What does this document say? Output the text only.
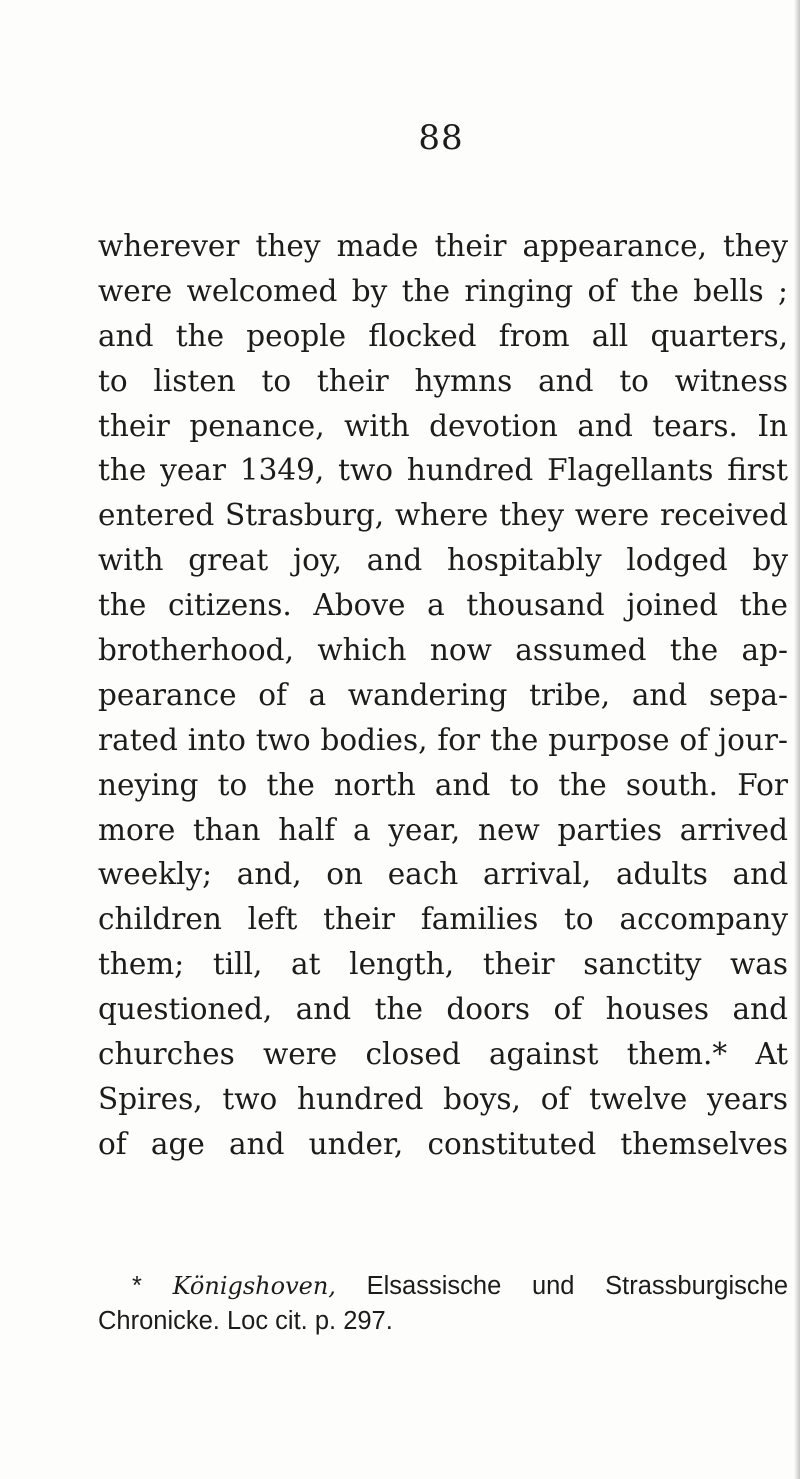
88
wherever they made their appearance, they
were welcomed by the ringing of the bells ;
and the people flocked from all quarters,
to listen to their hymns and to witness
their penance, with devotion and tears. In
the year 1349, two hundred Flagellants first
entered Strasburg, where they were received
with great joy, and hospitably lodged by
the citizens. Above a thousand joined the
brotherhood, which now assumed the ap-
pearance of a wandering tribe, and sepa-
rated into two bodies, for the purpose of jour-
neying to the north and to the south. For
more than half a year, new parties arrived
weekly; and, on each arrival, adults and
children left their families to accompany
them; till, at length, their sanctity was
questioned, and the doors of houses and
churches were closed against them.* At
Spires, two hundred boys, of twelve years
of age and under, constituted themselves
* Königshoven, Elsassische und Strassburgische
Chronicke. Loc cit. p. 297.
